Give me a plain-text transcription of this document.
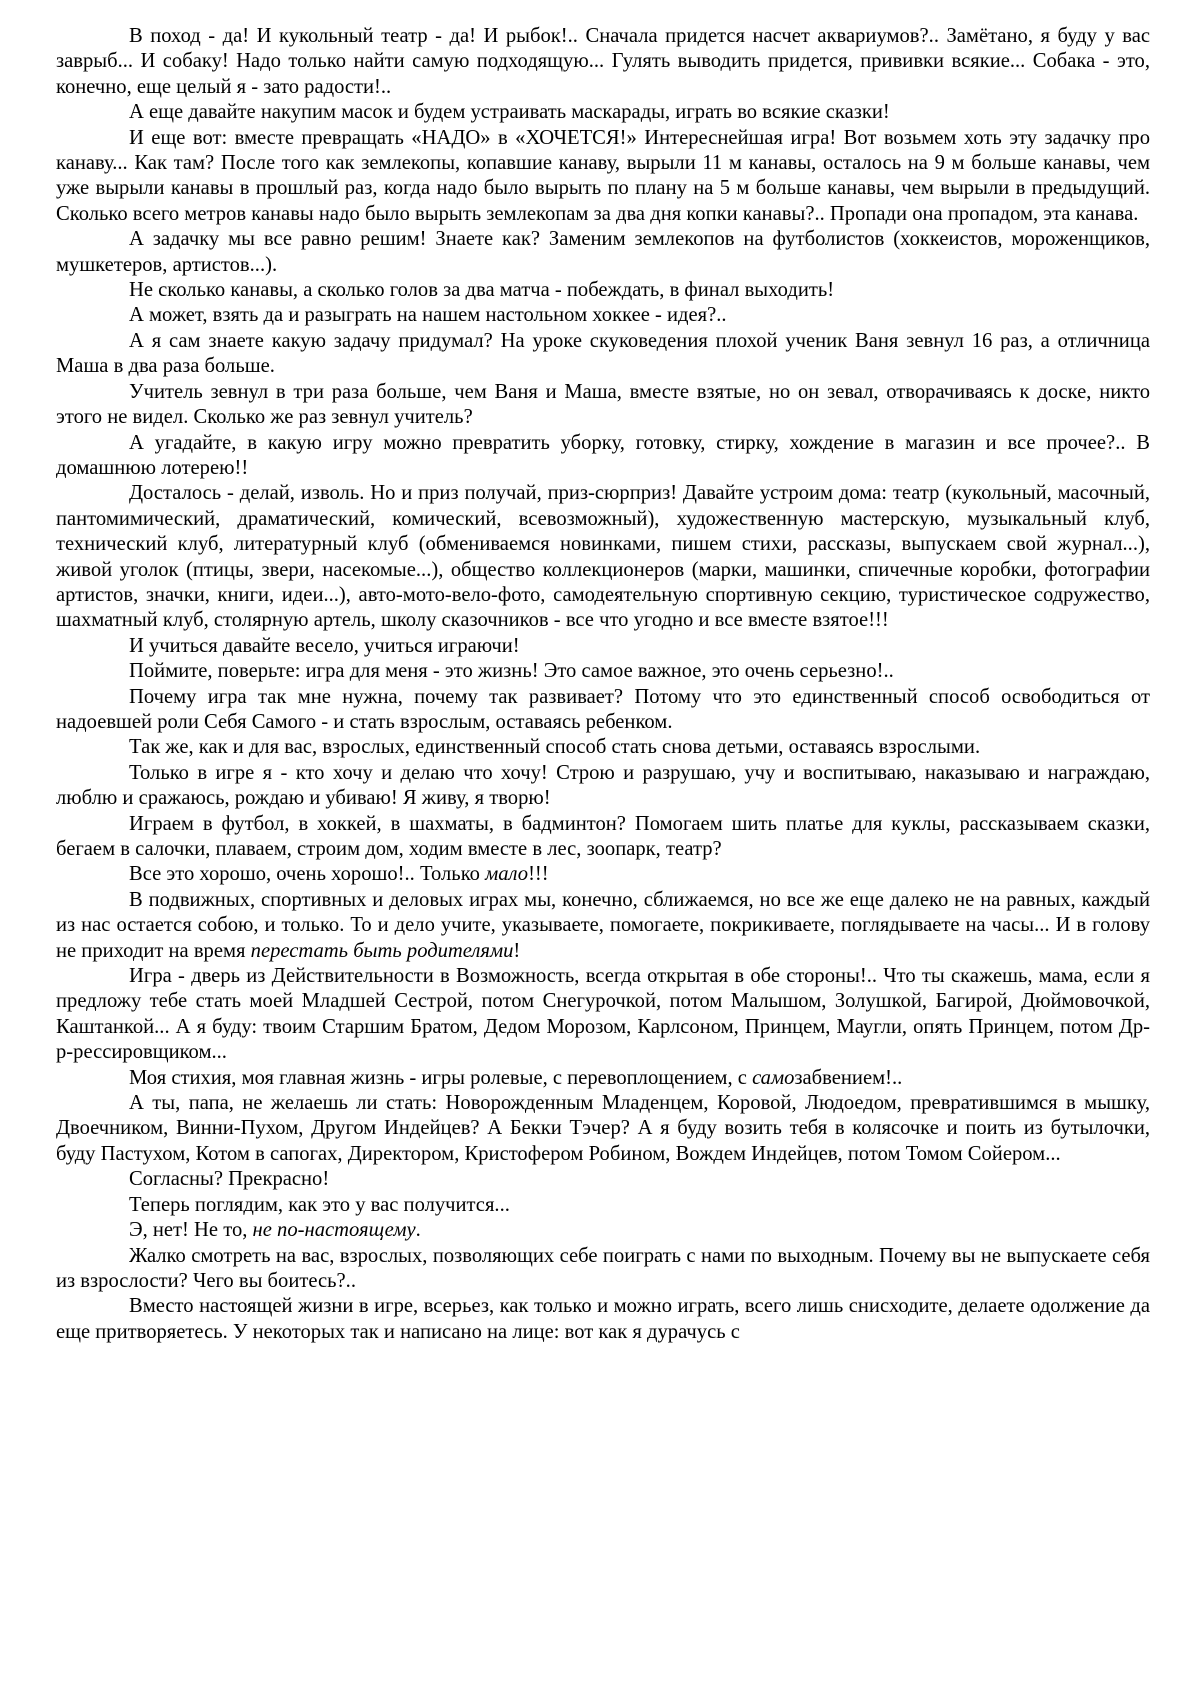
В поход - да! И кукольный театр - да! И рыбок!.. Сначала придется насчет аквариумов?.. Замётано, я буду у вас заврыб... И собаку! Надо только найти самую подходящую... Гулять выводить придется, прививки всякие... Собака - это, конечно, еще целый я - зато радости!..

А еще давайте накупим масок и будем устраивать маскарады, играть во всякие сказки!

И еще вот: вместе превращать «НАДО» в «ХОЧЕТСЯ!» Интереснейшая игра! Вот возьмем хоть эту задачку про канаву... Как там? После того как землекопы, копавшие канаву, вырыли 11 м канавы, осталось на 9 м больше канавы, чем уже вырыли канавы в прошлый раз, когда надо было вырыть по плану на 5 м больше канавы, чем вырыли в предыдущий. Сколько всего метров канавы надо было вырыть землекопам за два дня копки канавы?.. Пропади она пропадом, эта канава.

А задачку мы все равно решим! Знаете как? Заменим землекопов на футболистов (хоккеистов, мороженщиков, мушкетеров, артистов...).

Не сколько канавы, а сколько голов за два матча - побеждать, в финал выходить!

А может, взять да и разыграть на нашем настольном хоккее - идея?..

А я сам знаете какую задачу придумал? На уроке скуковедения плохой ученик Ваня зевнул 16 раз, а отличница Маша в два раза больше.

Учитель зевнул в три раза больше, чем Ваня и Маша, вместе взятые, но он зевал, отворачиваясь к доске, никто этого не видел. Сколько же раз зевнул учитель?

А угадайте, в какую игру можно превратить уборку, готовку, стирку, хождение в магазин и все прочее?.. В домашнюю лотерею!!

Досталось - делай, изволь. Но и приз получай, приз-сюрприз! Давайте устроим дома: театр (кукольный, масочный, пантомимический, драматический, комический, всевозможный), художественную мастерскую, музыкальный клуб, технический клуб, литературный клуб (обмениваемся новинками, пишем стихи, рассказы, выпускаем свой журнал...), живой уголок (птицы, звери, насекомые...), общество коллекционеров (марки, машинки, спичечные коробки, фотографии артистов, значки, книги, идеи...), авто-мото-вело-фото, самодеятельную спортивную секцию, туристическое содружество, шахматный клуб, столярную артель, школу сказочников - все что угодно и все вместе взятое!!!

И учиться давайте весело, учиться играючи!

Поймите, поверьте: игра для меня - это жизнь! Это самое важное, это очень серьезно!..

Почему игра так мне нужна, почему так развивает? Потому что это единственный способ освободиться от надоевшей роли Себя Самого - и стать взрослым, оставаясь ребенком.

Так же, как и для вас, взрослых, единственный способ стать снова детьми, оставаясь взрослыми.

Только в игре я - кто хочу и делаю что хочу! Строю и разрушаю, учу и воспитываю, наказываю и награждаю, люблю и сражаюсь, рождаю и убиваю! Я живу, я творю!

Играем в футбол, в хоккей, в шахматы, в бадминтон? Помогаем шить платье для куклы, рассказываем сказки, бегаем в салочки, плаваем, строим дом, ходим вместе в лес, зоопарк, театр?

Все это хорошо, очень хорошо!.. Только мало!!!

В подвижных, спортивных и деловых играх мы, конечно, сближаемся, но все же еще далеко не на равных, каждый из нас остается собою, и только. То и дело учите, указываете, помогаете, покрикиваете, поглядываете на часы... И в голову не приходит на время перестать быть родителями!

Игра - дверь из Действительности в Возможность, всегда открытая в обе стороны!.. Что ты скажешь, мама, если я предложу тебе стать моей Младшей Сестрой, потом Снегурочкой, потом Малышом, Золушкой, Багирой, Дюймовочкой, Каштанкой... А я буду: твоим Старшим Братом, Дедом Морозом, Карлсоном, Принцем, Маугли, опять Принцем, потом Др-р-рессировщиком...

Моя стихия, моя главная жизнь - игры ролевые, с перевоплощением, с самозабвением!..

А ты, папа, не желаешь ли стать: Новорожденным Младенцем, Коровой, Людоедом, превратившимся в мышку, Двоечником, Винни-Пухом, Другом Индейцев? А Бекки Тэчер? А я буду возить тебя в колясочке и поить из бутылочки, буду Пастухом, Котом в сапогах, Директором, Кристофером Робином, Вождем Индейцев, потом Томом Сойером...

Согласны? Прекрасно!

Теперь поглядим, как это у вас получится...

Э, нет! Не то, не по-настоящему.

Жалко смотреть на вас, взрослых, позволяющих себе поиграть с нами по выходным. Почему вы не выпускаете себя из взрослости? Чего вы боитесь?..

Вместо настоящей жизни в игре, всерьез, как только и можно играть, всего лишь снисходите, делаете одолжение да еще притворяетесь. У некоторых так и написано на лице: вот как я дурачусь с
